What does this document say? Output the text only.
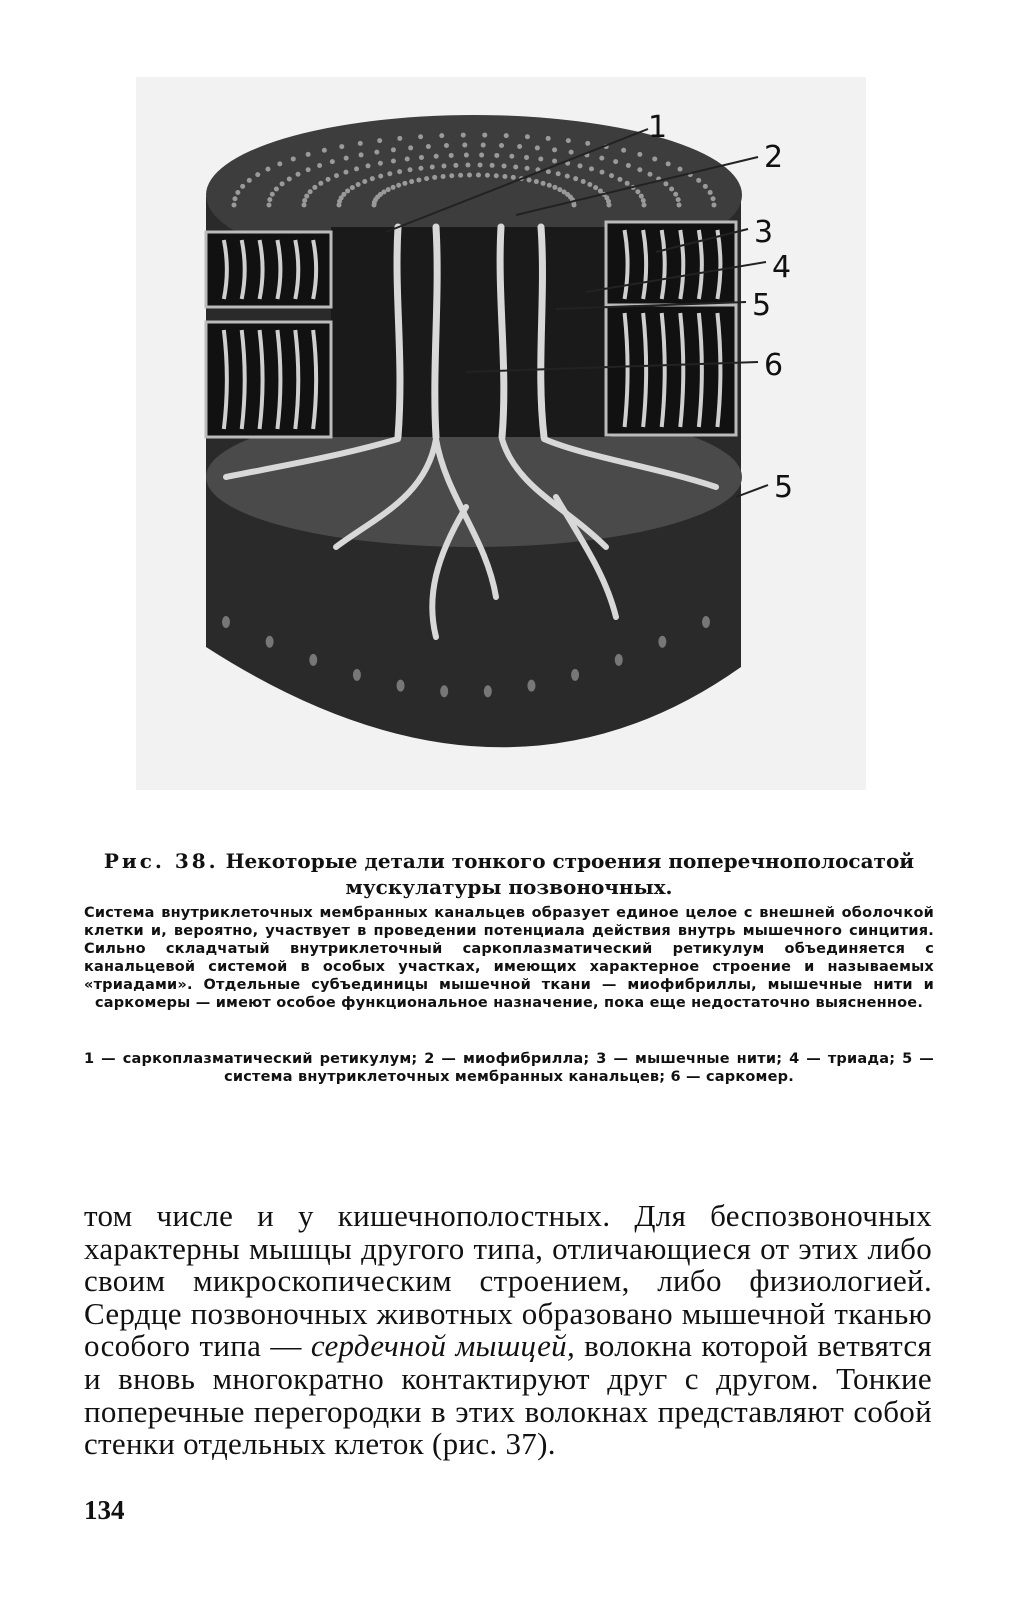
1
2
3
4
5
6
5

Рис. 38. Некоторые детали тонкого строения поперечнополосатой мускулатуры позвоночных.

Система внутриклеточных мембранных канальцев образует единое целое с внешней оболочкой клетки и, вероятно, участвует в проведении потенциала действия внутрь мышечного синцития. Сильно складчатый внутриклеточный саркоплазматический ретикулум объединяется с канальцевой системой в особых участках, имеющих характерное строение и называемых «триадами». Отдельные субъединицы мышечной ткани — миофибриллы, мышечные нити и саркомеры — имеют особое функциональное назначение, пока еще недостаточно выясненное.

1 — саркоплазматический ретикулум; 2 — миофибрилла; 3 — мышечные нити; 4 — триада; 5 — система внутриклеточных мембранных канальцев; 6 — саркомер.

том числе и у кишечнополостных. Для беспозвоночных характерны мышцы другого типа, отличающиеся от этих либо своим микроскопическим строением, либо физиологией. Сердце позвоночных животных образовано мышечной тканью особого типа — сердечной мышцей, волокна которой ветвятся и вновь многократно контактируют друг с другом. Тонкие поперечные перегородки в этих волокнах представляют собой стенки отдельных клеток (рис. 37).

134
